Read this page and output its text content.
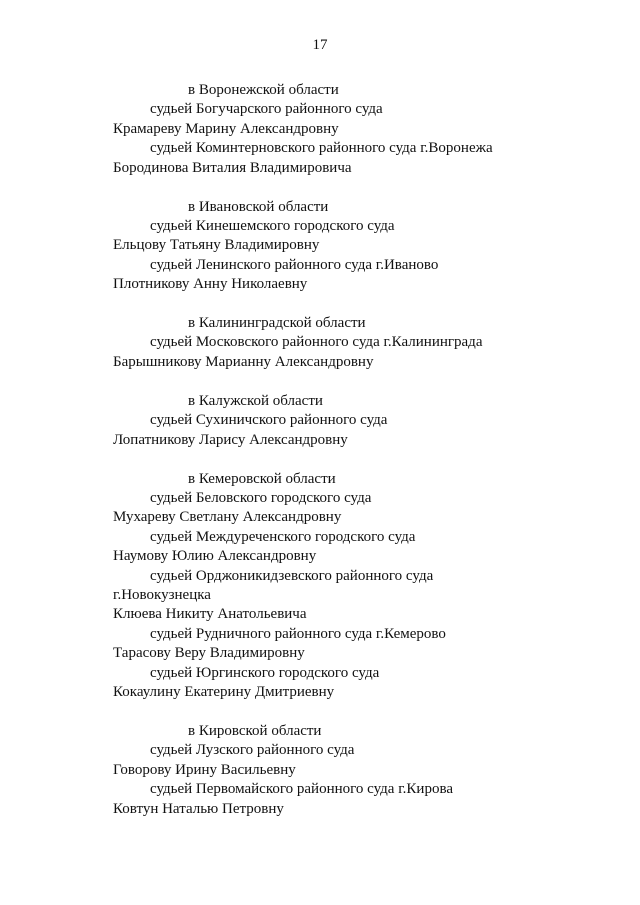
17
в Воронежской области
судьей Богучарского районного суда
Крамареву Марину Александровну
судьей Коминтерновского районного суда г.Воронежа
Бородинова Виталия Владимировича
в Ивановской области
судьей Кинешемского городского суда
Ельцову Татьяну Владимировну
судьей Ленинского районного суда г.Иваново
Плотникову Анну Николаевну
в Калининградской области
судьей Московского районного суда г.Калининграда
Барышникову Марианну Александровну
в Калужской области
судьей Сухиничского районного суда
Лопатникову Ларису Александровну
в Кемеровской области
судьей Беловского городского суда
Мухареву Светлану Александровну
судьей Междуреченского городского суда
Наумову Юлию Александровну
судьей Орджоникидзевского районного суда
г.Новокузнецка
Клюева Никиту Анатольевича
судьей Рудничного районного суда г.Кемерово
Тарасову Веру Владимировну
судьей Юргинского городского суда
Кокаулину Екатерину Дмитриевну
в Кировской области
судьей Лузского районного суда
Говорову Ирину Васильевну
судьей Первомайского районного суда г.Кирова
Ковтун Наталью Петровну
